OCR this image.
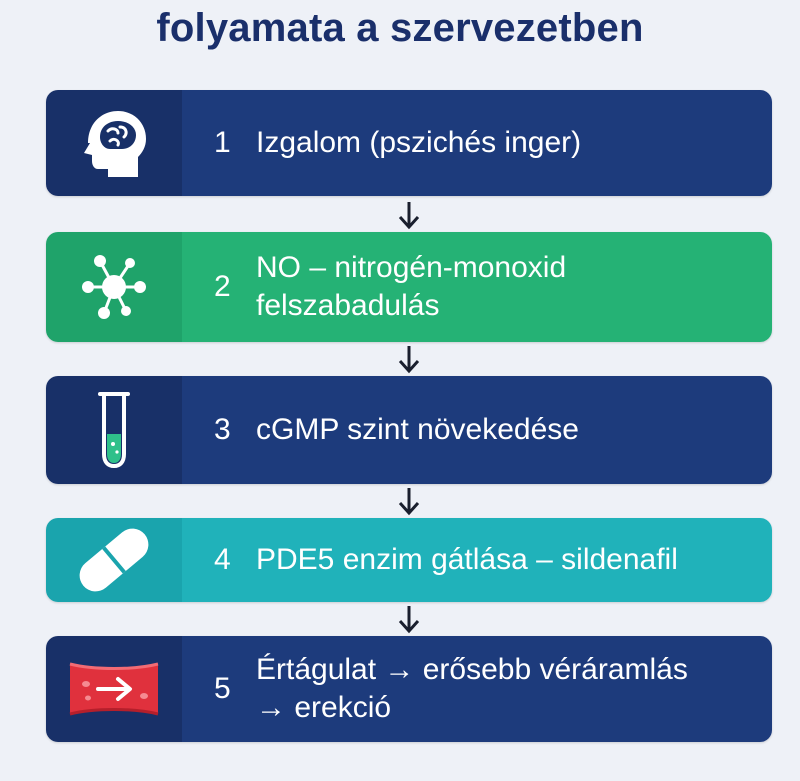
folyamata a szervezetben
1 Izgalom (pszichés inger)
2
NO – nitrogén-monoxid
felszabadulás
3 cGMP szint növekedése
4 PDE5 enzim gátlása – sildenafil
5
Értágulat → erősebb véráramlás
→ erekció
